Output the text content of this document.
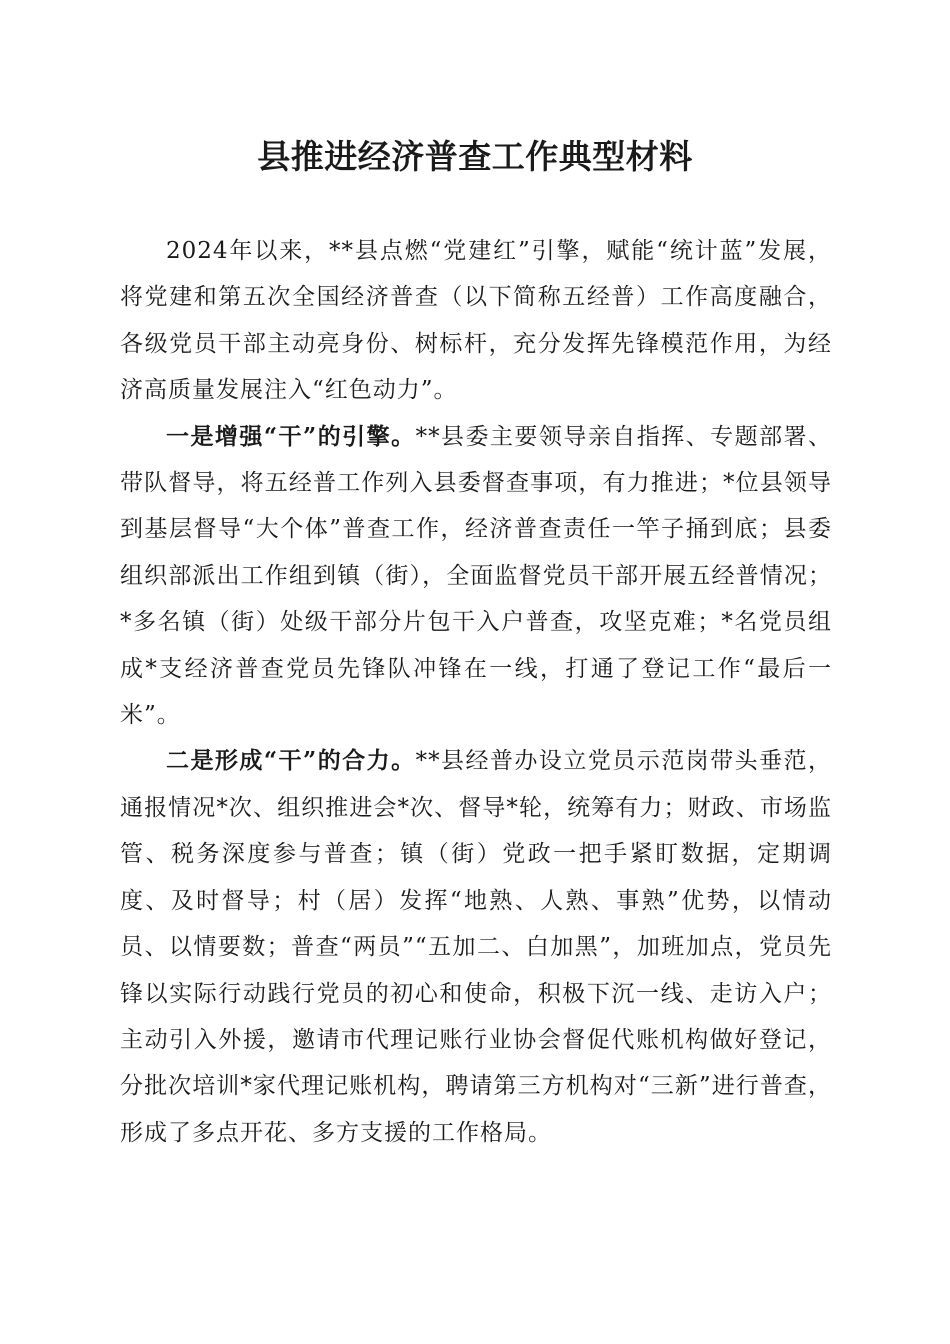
县推进经济普查工作典型材料

2024年以来，**县点燃“党建红”引擎，赋能“统计蓝”发展，将党建和第五次全国经济普查（以下简称五经普）工作高度融合，各级党员干部主动亮身份、树标杆，充分发挥先锋模范作用，为经济高质量发展注入“红色动力”。

一是增强“干”的引擎。**县委主要领导亲自指挥、专题部署、带队督导，将五经普工作列入县委督查事项，有力推进；*位县领导到基层督导“大个体”普查工作，经济普查责任一竿子捅到底；县委组织部派出工作组到镇（街），全面监督党员干部开展五经普情况；*多名镇（街）处级干部分片包干入户普查，攻坚克难；*名党员组成*支经济普查党员先锋队冲锋在一线，打通了登记工作“最后一米”。

二是形成“干”的合力。**县经普办设立党员示范岗带头垂范，通报情况*次、组织推进会*次、督导*轮，统筹有力；财政、市场监管、税务深度参与普查；镇（街）党政一把手紧盯数据，定期调度、及时督导；村（居）发挥“地熟、人熟、事熟”优势，以情动员、以情要数；普查“两员”“五加二、白加黑”，加班加点，党员先锋以实际行动践行党员的初心和使命，积极下沉一线、走访入户；主动引入外援，邀请市代理记账行业协会督促代账机构做好登记，分批次培训*家代理记账机构，聘请第三方机构对“三新”进行普查，形成了多点开花、多方支援的工作格局。
